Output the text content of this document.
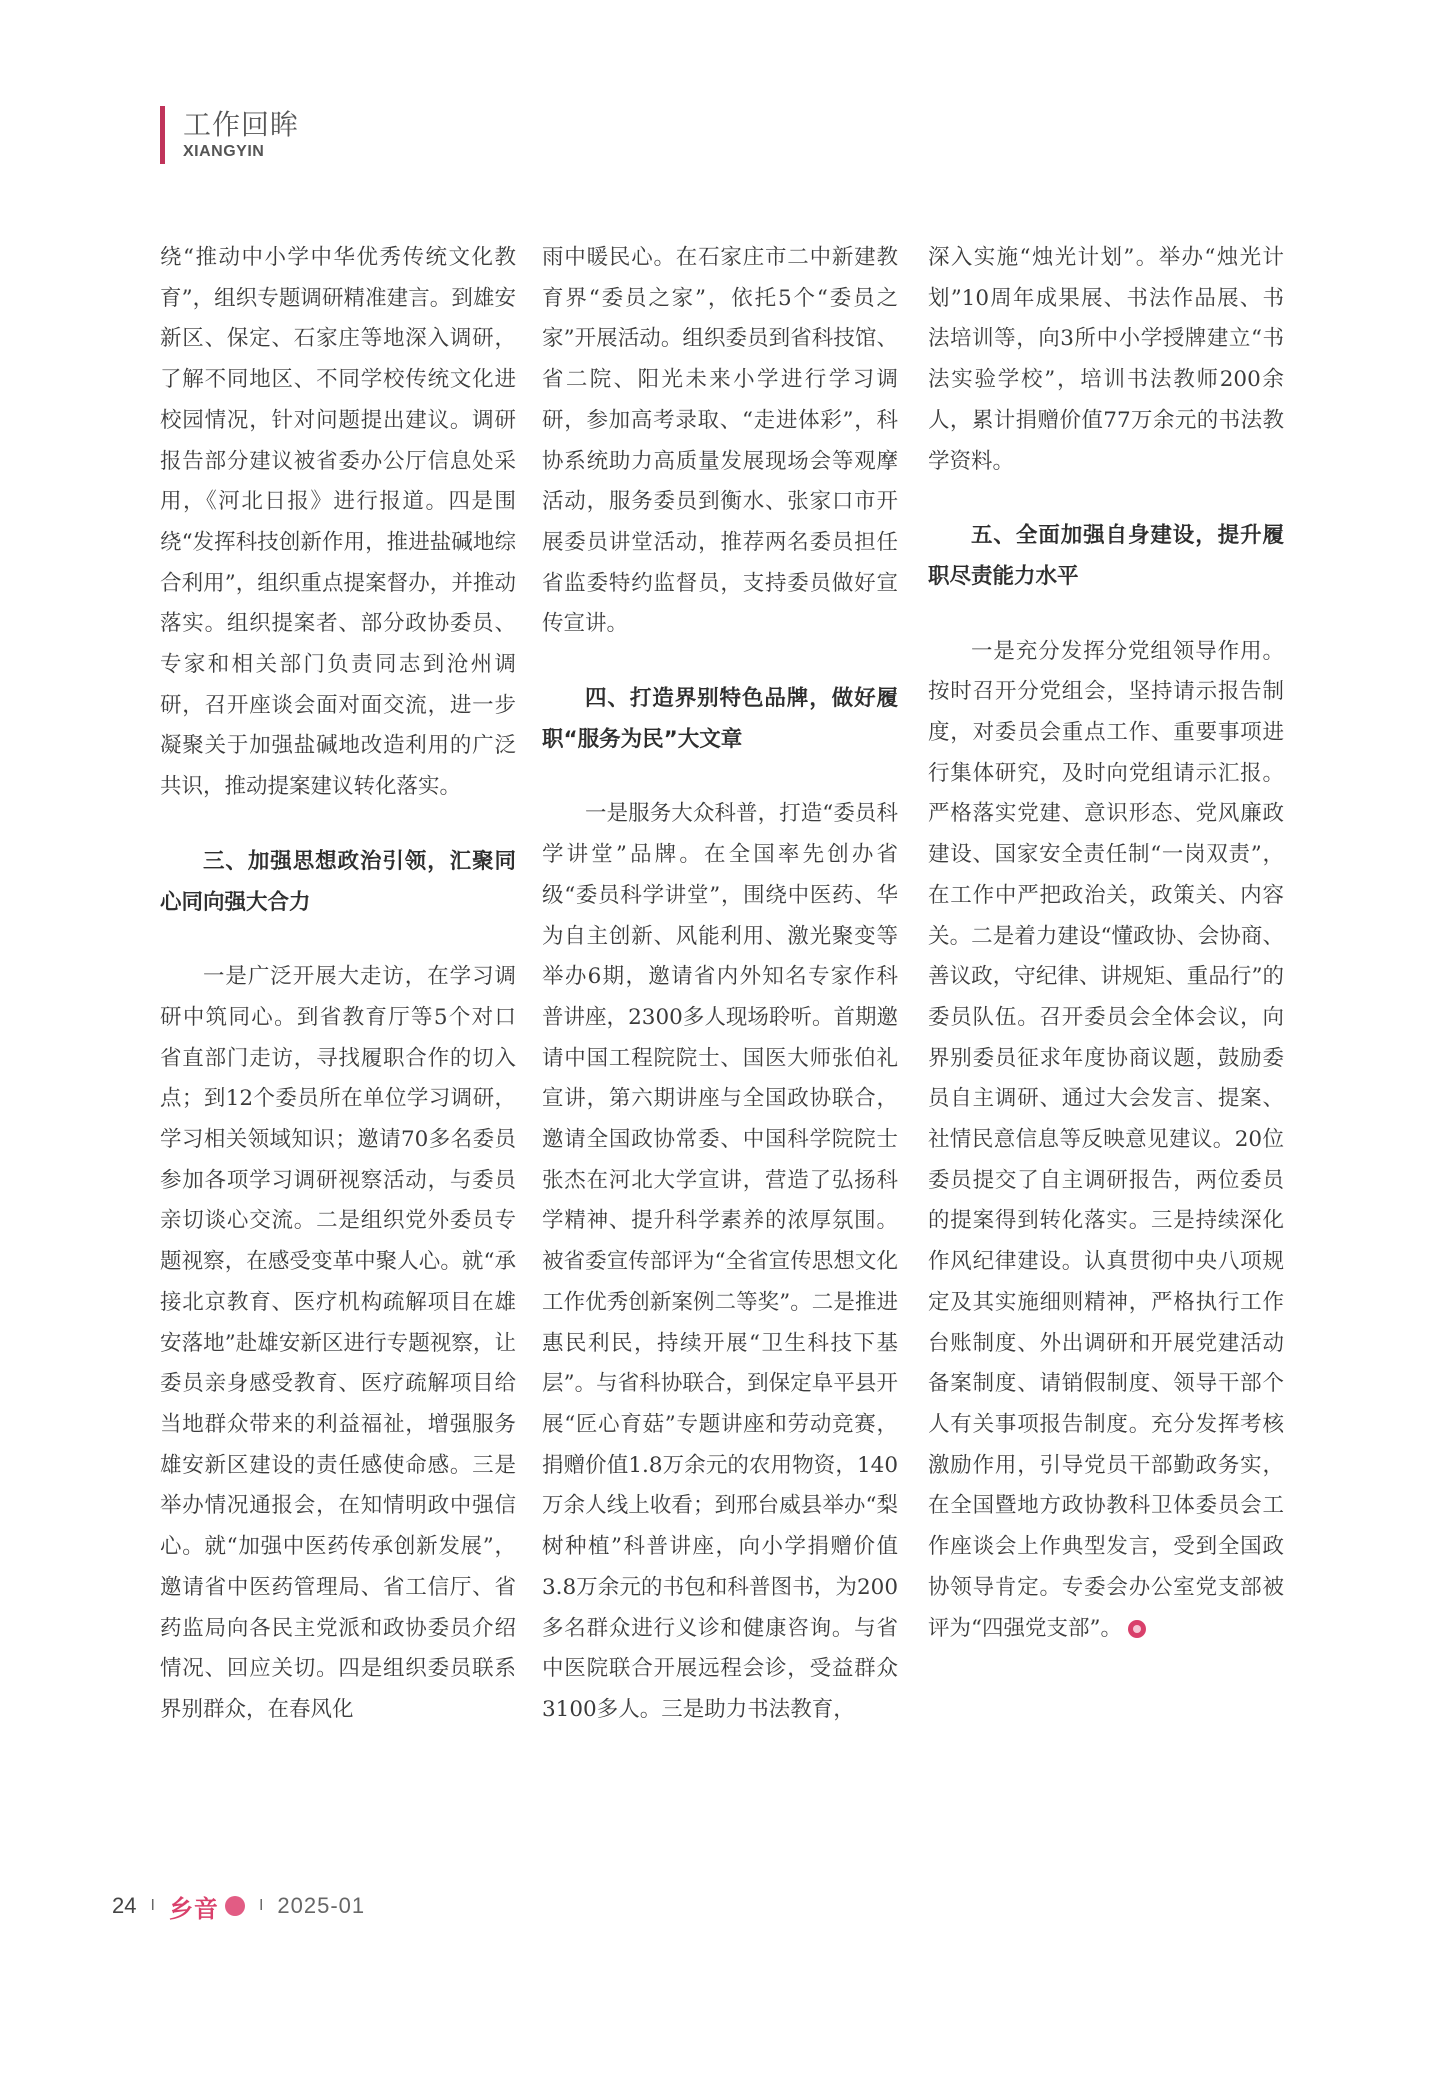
工作回眸
XIANGYIN

绕“推动中小学中华优秀传统文化教育”，组织专题调研精准建言。到雄安新区、保定、石家庄等地深入调研，了解不同地区、不同学校传统文化进校园情况，针对问题提出建议。调研报告部分建议被省委办公厅信息处采用，《河北日报》进行报道。四是围绕“发挥科技创新作用，推进盐碱地综合利用”，组织重点提案督办，并推动落实。组织提案者、部分政协委员、专家和相关部门负责同志到沧州调研，召开座谈会面对面交流，进一步凝聚关于加强盐碱地改造利用的广泛共识，推动提案建议转化落实。

三、加强思想政治引领，汇聚同心同向强大合力

一是广泛开展大走访，在学习调研中筑同心。到省教育厅等5个对口省直部门走访，寻找履职合作的切入点；到12个委员所在单位学习调研，学习相关领域知识；邀请70多名委员参加各项学习调研视察活动，与委员亲切谈心交流。二是组织党外委员专题视察，在感受变革中聚人心。就“承接北京教育、医疗机构疏解项目在雄安落地”赴雄安新区进行专题视察，让委员亲身感受教育、医疗疏解项目给当地群众带来的利益福祉，增强服务雄安新区建设的责任感使命感。三是举办情况通报会，在知情明政中强信心。就“加强中医药传承创新发展”，邀请省中医药管理局、省工信厅、省药监局向各民主党派和政协委员介绍情况、回应关切。四是组织委员联系界别群众，在春风化

雨中暖民心。在石家庄市二中新建教育界“委员之家”，依托5个“委员之家”开展活动。组织委员到省科技馆、省二院、阳光未来小学进行学习调研，参加高考录取、“走进体彩”，科协系统助力高质量发展现场会等观摩活动，服务委员到衡水、张家口市开展委员讲堂活动，推荐两名委员担任省监委特约监督员，支持委员做好宣传宣讲。

四、打造界别特色品牌，做好履职“服务为民”大文章

一是服务大众科普，打造“委员科学讲堂”品牌。在全国率先创办省级“委员科学讲堂”，围绕中医药、华为自主创新、风能利用、激光聚变等举办6期，邀请省内外知名专家作科普讲座，2300多人现场聆听。首期邀请中国工程院院士、国医大师张伯礼宣讲，第六期讲座与全国政协联合，邀请全国政协常委、中国科学院院士张杰在河北大学宣讲，营造了弘扬科学精神、提升科学素养的浓厚氛围。被省委宣传部评为“全省宣传思想文化工作优秀创新案例二等奖”。二是推进惠民利民，持续开展“卫生科技下基层”。与省科协联合，到保定阜平县开展“匠心育菇”专题讲座和劳动竞赛，捐赠价值1.8万余元的农用物资，140万余人线上收看；到邢台威县举办“梨树种植”科普讲座，向小学捐赠价值3.8万余元的书包和科普图书，为200多名群众进行义诊和健康咨询。与省中医院联合开展远程会诊，受益群众3100多人。三是助力书法教育，

深入实施“烛光计划”。举办“烛光计划”10周年成果展、书法作品展、书法培训等，向3所中小学授牌建立“书法实验学校”，培训书法教师200余人，累计捐赠价值77万余元的书法教学资料。

五、全面加强自身建设，提升履职尽责能力水平

一是充分发挥分党组领导作用。按时召开分党组会，坚持请示报告制度，对委员会重点工作、重要事项进行集体研究，及时向党组请示汇报。严格落实党建、意识形态、党风廉政建设、国家安全责任制“一岗双责”，在工作中严把政治关，政策关、内容关。二是着力建设“懂政协、会协商、善议政，守纪律、讲规矩、重品行”的委员队伍。召开委员会全体会议，向界别委员征求年度协商议题，鼓励委员自主调研、通过大会发言、提案、社情民意信息等反映意见建议。20位委员提交了自主调研报告，两位委员的提案得到转化落实。三是持续深化作风纪律建设。认真贯彻中央八项规定及其实施细则精神，严格执行工作台账制度、外出调研和开展党建活动备案制度、请销假制度、领导干部个人有关事项报告制度。充分发挥考核激励作用，引导党员干部勤政务实，在全国暨地方政协教科卫体委员会工作座谈会上作典型发言，受到全国政协领导肯定。专委会办公室党支部被评为“四强党支部”。

24 I 乡音	I 2025-01
